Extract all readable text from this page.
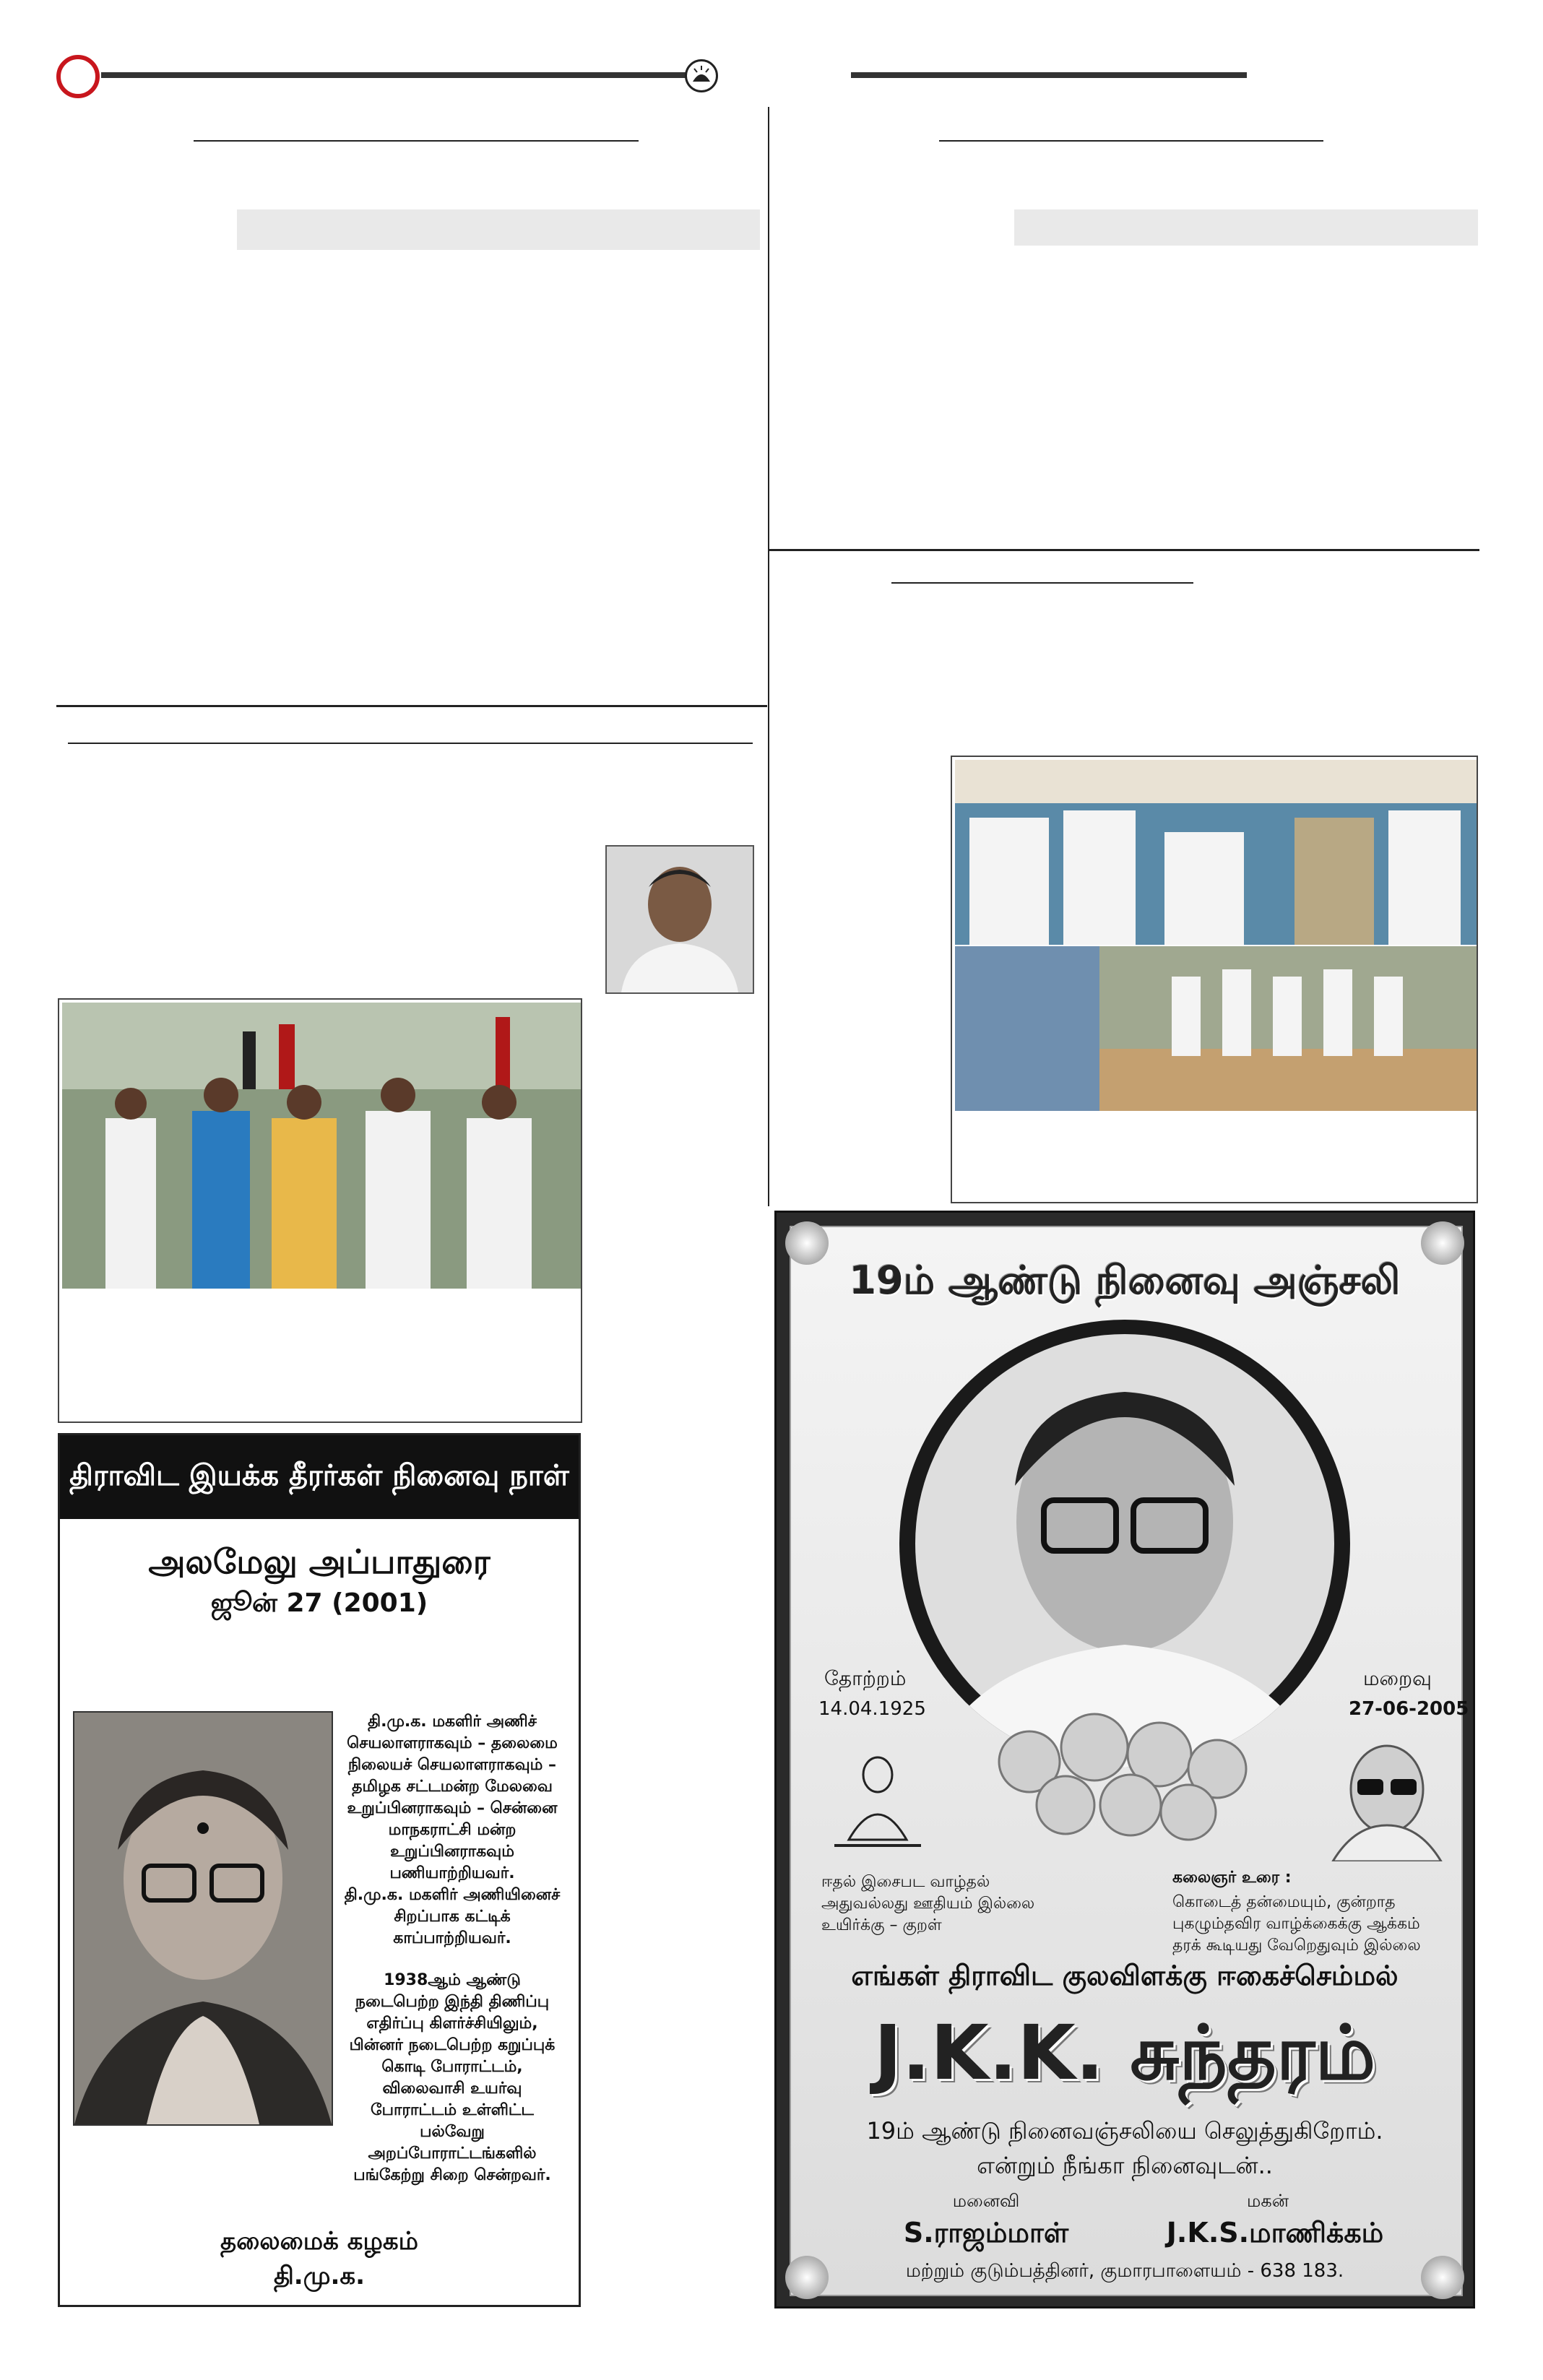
திராவிட இயக்க தீரர்கள் நினைவு நாள்
அலமேலு அப்பாதுரை
ஜூன் 27 (2001)
தி.மு.க. மகளிர் அணிச் செயலாளராகவும் – தலைமை நிலையச் செயலாளராகவும் – தமிழக சட்டமன்ற மேலவை உறுப்பினராகவும் – சென்னை மாநகராட்சி மன்ற உறுப்பினராகவும் பணியாற்றியவர்.
தி.மு.க. மகளிர் அணியினைச் சிறப்பாக கட்டிக் காப்பாற்றியவர்.
1938ஆம் ஆண்டு நடைபெற்ற இந்தி திணிப்பு எதிர்ப்பு கிளர்ச்சியிலும், பின்னர் நடைபெற்ற கறுப்புக் கொடி போராட்டம், விலைவாசி உயர்வு போராட்டம் உள்ளிட்ட பல்வேறு அறப்போராட்டங்களில் பங்கேற்று சிறை சென்றவர்.
தலைமைக் கழகம்
தி.மு.க.
19ம் ஆண்டு நினைவு அஞ்சலி
தோற்றம்
14.04.1925
மறைவு
27-06-2005
ஈதல் இசைபட வாழ்தல் அதுவல்லது ஊதியம் இல்லை உயிர்க்கு – குறள்
கலைஞர் உரை :
கொடைத் தன்மையும், குன்றாத புகழும்தவிர வாழ்க்கைக்கு ஆக்கம் தரக் கூடியது வேறெதுவும் இல்லை
எங்கள் திராவிட குலவிளக்கு ஈகைச்செம்மல்
J.K.K. சுந்தரம்
19ம் ஆண்டு நினைவஞ்சலியை செலுத்துகிறோம்.
என்றும் நீங்கா நினைவுடன்..
மனைவி	மகன்
S.ராஜம்மாள்	J.K.S.மாணிக்கம்
மற்றும் குடும்பத்தினர், குமாரபாளையம் - 638 183.
